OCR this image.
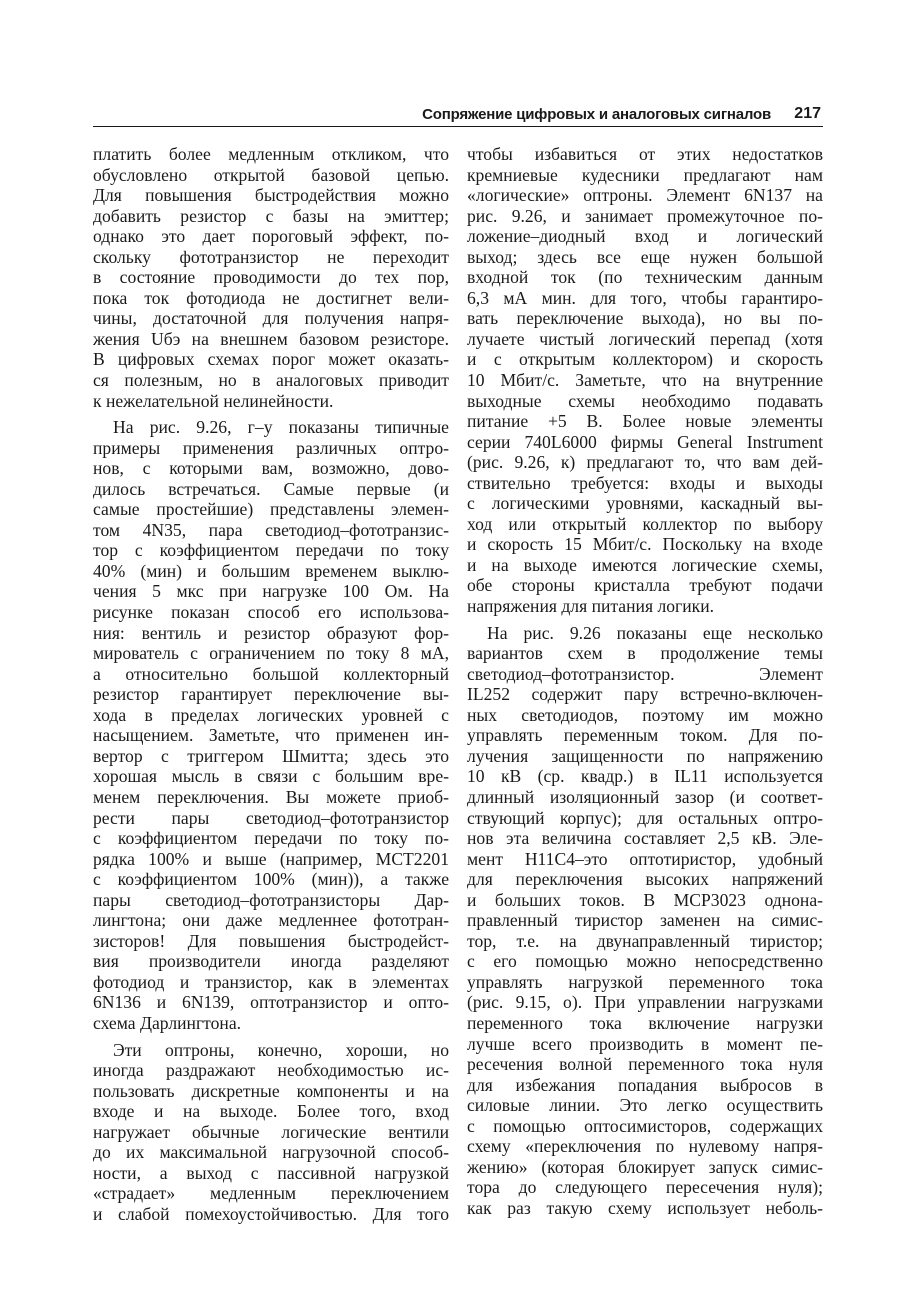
Сопряжение цифровых и аналоговых сигналов 217
платить более медленным откликом, что
обусловлено открытой базовой цепью.
Для повышения быстродействия можно
добавить резистор с базы на эмиттер;
однако это дает пороговый эффект, по-
скольку фототранзистор не переходит
в состояние проводимости до тех пор,
пока ток фотодиода не достигнет вели-
чины, достаточной для получения напря-
жения Uбэ на внешнем базовом резисторе.
В цифровых схемах порог может оказать-
ся полезным, но в аналоговых приводит
к нежелательной нелинейности.
На рис. 9.26, г–у показаны типичные
примеры применения различных оптро-
нов, с которыми вам, возможно, дово-
дилось встречаться. Самые первые (и
самые простейшие) представлены элемен-
том 4N35, пара светодиод–фототранзис-
тор с коэффициентом передачи по току
40% (мин) и большим временем выклю-
чения 5 мкс при нагрузке 100 Ом. На
рисунке показан способ его использова-
ния: вентиль и резистор образуют фор-
мирователь с ограничением по току 8 мА,
а относительно большой коллекторный
резистор гарантирует переключение вы-
хода в пределах логических уровней с
насыщением. Заметьте, что применен ин-
вертор с триггером Шмитта; здесь это
хорошая мысль в связи с большим вре-
менем переключения. Вы можете приоб-
рести пары светодиод–фототранзистор
с коэффициентом передачи по току по-
рядка 100% и выше (например, MCT2201
с коэффициентом 100% (мин)), а также
пары светодиод–фототранзисторы Дар-
лингтона; они даже медленнее фототран-
зисторов! Для повышения быстродейст-
вия производители иногда разделяют
фотодиод и транзистор, как в элементах
6N136 и 6N139, оптотранзистор и опто-
схема Дарлингтона.
Эти оптроны, конечно, хороши, но
иногда раздражают необходимостью ис-
пользовать дискретные компоненты и на
входе и на выходе. Более того, вход
нагружает обычные логические вентили
до их максимальной нагрузочной способ-
ности, а выход с пассивной нагрузкой
«страдает» медленным переключением
и слабой помехоустойчивостью. Для того
чтобы избавиться от этих недостатков
кремниевые кудесники предлагают нам
«логические» оптроны. Элемент 6N137 на
рис. 9.26, и занимает промежуточное по-
ложение–диодный вход и логический
выход; здесь все еще нужен большой
входной ток (по техническим данным
6,3 мА мин. для того, чтобы гарантиро-
вать переключение выхода), но вы по-
лучаете чистый логический перепад (хотя
и с открытым коллектором) и скорость
10 Мбит/с. Заметьте, что на внутренние
выходные схемы необходимо подавать
питание +5 В. Более новые элементы
серии 740L6000 фирмы General Instrument
(рис. 9.26, к) предлагают то, что вам дей-
ствительно требуется: входы и выходы
с логическими уровнями, каскадный вы-
ход или открытый коллектор по выбору
и скорость 15 Мбит/с. Поскольку на входе
и на выходе имеются логические схемы,
обе стороны кристалла требуют подачи
напряжения для питания логики.
На рис. 9.26 показаны еще несколько
вариантов схем в продолжение темы
светодиод–фототранзистор. Элемент
IL252 содержит пару встречно-включен-
ных светодиодов, поэтому им можно
управлять переменным током. Для по-
лучения защищенности по напряжению
10 кВ (ср. квадр.) в IL11 используется
длинный изоляционный зазор (и соответ-
ствующий корпус); для остальных оптро-
нов эта величина составляет 2,5 кВ. Эле-
мент H11C4–это оптотиристор, удобный
для переключения высоких напряжений
и больших токов. В MCP3023 однона-
правленный тиристор заменен на симис-
тор, т.е. на двунаправленный тиристор;
с его помощью можно непосредственно
управлять нагрузкой переменного тока
(рис. 9.15, о). При управлении нагрузками
переменного тока включение нагрузки
лучше всего производить в момент пе-
ресечения волной переменного тока нуля
для избежания попадания выбросов в
силовые линии. Это легко осуществить
с помощью оптосимисторов, содержащих
схему «переключения по нулевому напря-
жению» (которая блокирует запуск симис-
тора до следующего пересечения нуля);
как раз такую схему использует неболь-
